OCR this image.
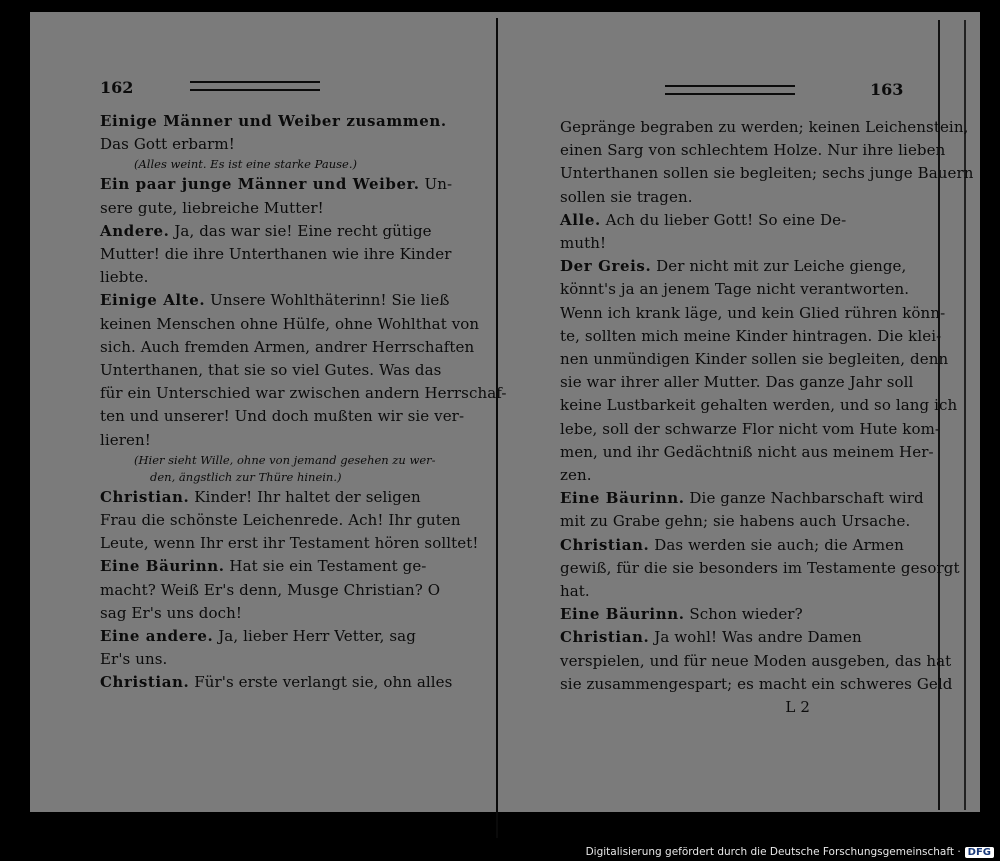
162	163
Einige Männer und Weiber zusammen.
Das Gott erbarm!
(Alles weint. Es ist eine starke Pause.)
Ein paar junge Männer und Weiber. Un-
sere gute, liebreiche Mutter!
Andere. Ja, das war sie! Eine recht gütige
Mutter! die ihre Unterthanen wie ihre Kinder
liebte.
Einige Alte. Unsere Wohlthäterinn! Sie ließ
keinen Menschen ohne Hülfe, ohne Wohlthat von
sich. Auch fremden Armen, andrer Herrschaften
Unterthanen, that sie so viel Gutes. Was das
für ein Unterschied war zwischen andern Herrschaf-
ten und unserer! Und doch mußten wir sie ver-
lieren!
(Hier sieht Wille, ohne von jemand gesehen zu wer-
den, ängstlich zur Thüre hinein.)
Christian. Kinder! Ihr haltet der seligen
Frau die schönste Leichenrede. Ach! Ihr guten
Leute, wenn Ihr erst ihr Testament hören solltet!
Eine Bäurinn. Hat sie ein Testament ge-
macht? Weiß Er's denn, Musge Christian? O
sag Er's uns doch!
Eine andere. Ja, lieber Herr Vetter, sag
Er's uns.
Christian. Für's erste verlangt sie, ohn alles
Gepränge begraben zu werden; keinen Leichenstein,
einen Sarg von schlechtem Holze. Nur ihre lieben
Unterthanen sollen sie begleiten; sechs junge Bauern
sollen sie tragen.
Alle. Ach du lieber Gott! So eine De-
muth!
Der Greis. Der nicht mit zur Leiche gienge,
könnt's ja an jenem Tage nicht verantworten.
Wenn ich krank läge, und kein Glied rühren könn-
te, sollten mich meine Kinder hintragen. Die klei-
nen unmündigen Kinder sollen sie begleiten, denn
sie war ihrer aller Mutter. Das ganze Jahr soll
keine Lustbarkeit gehalten werden, und so lang ich
lebe, soll der schwarze Flor nicht vom Hute kom-
men, und ihr Gedächtniß nicht aus meinem Her-
zen.
Eine Bäurinn. Die ganze Nachbarschaft wird
mit zu Grabe gehn; sie habens auch Ursache.
Christian. Das werden sie auch; die Armen
gewiß, für die sie besonders im Testamente gesorgt
hat.
Eine Bäurinn. Schon wieder?
Christian. Ja wohl! Was andre Damen
verspielen, und für neue Moden ausgeben, das hat
sie zusammengespart; es macht ein schweres Geld
L 2
Digitalisierung gefördert durch die Deutsche Forschungsgemeinschaft · DFG
